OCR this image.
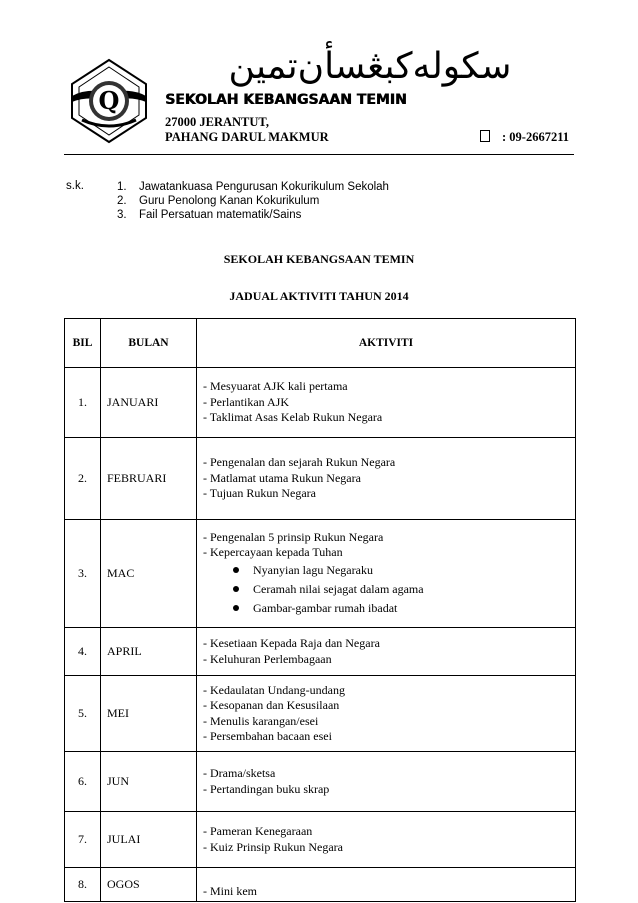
Q
سکوله‌کبڠسأن‌تمين
SEKOLAH KEBANGSAAN TEMIN
27000 JERANTUT,
PAHANG DARUL MAKMUR	: 09-2667211
s.k.	1.	Jawatankuasa Pengurusan Kokurikulum Sekolah
2.	Guru Penolong Kanan Kokurikulum
3.	Fail Persatuan matematik/Sains
SEKOLAH KEBANGSAAN TEMIN
JADUAL AKTIVITI TAHUN 2014
BIL	BULAN	AKTIVITI
1.	JANUARI	- Mesyuarat AJK kali pertama
- Perlantikan AJK
- Taklimat Asas Kelab Rukun Negara

2.	FEBRUARI	- Pengenalan dan sejarah Rukun Negara
- Matlamat utama Rukun Negara
- Tujuan Rukun Negara

3.	MAC	- Pengenalan 5 prinsip Rukun Negara
- Kepercayaan kepada Tuhan
Nyanyian lagu Negaraku
Ceramah nilai sejagat dalam agama
Gambar-gambar rumah ibadat

4.	APRIL	- Kesetiaan Kepada Raja dan Negara
- Keluhuran Perlembagaan

5.	MEI	- Kedaulatan Undang-undang
- Kesopanan dan Kesusilaan
- Menulis karangan/esei
- Persembahan bacaan esei

6.	JUN	- Drama/sketsa
- Pertandingan buku skrap

7.	JULAI	- Pameran Kenegaraan
- Kuiz Prinsip Rukun Negara

8.	OGOS	- Mini kem
